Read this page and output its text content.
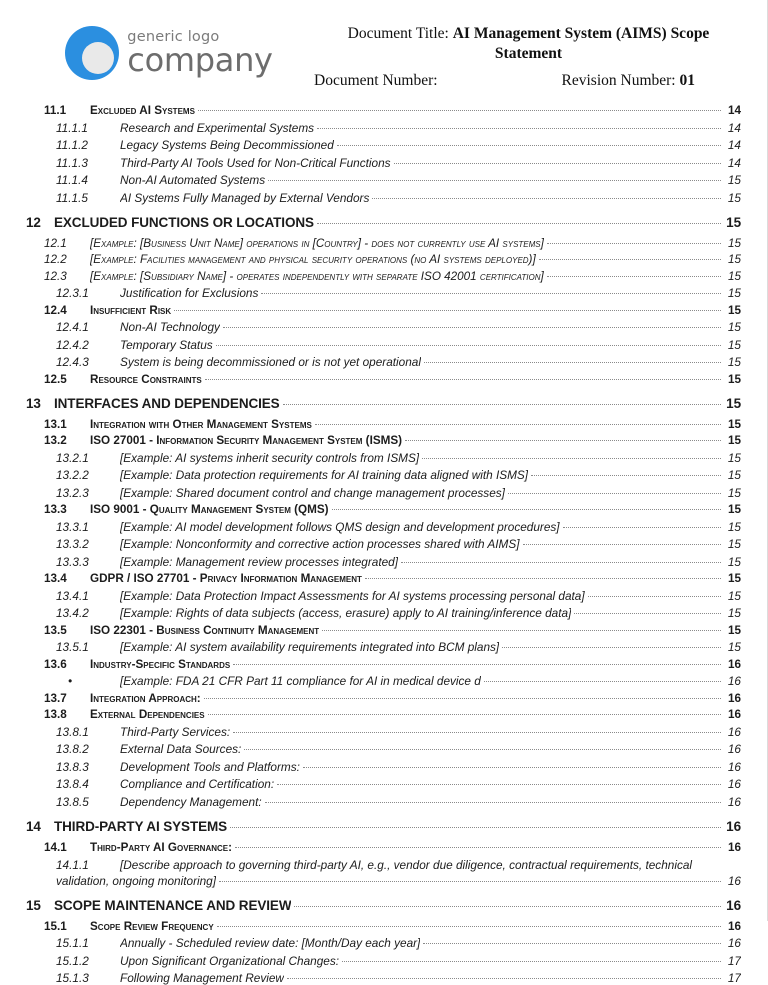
generic logo
company
Document Title: AI Management System (AIMS) Scope Statement
Document Number:	Revision Number: 01
11.1	Excluded AI Systems	14
11.1.1	Research and Experimental Systems	14
11.1.2	Legacy Systems Being Decommissioned	14
11.1.3	Third-Party AI Tools Used for Non-Critical Functions	14
11.1.4	Non-AI Automated Systems	15
11.1.5	AI Systems Fully Managed by External Vendors	15
12 EXCLUDED FUNCTIONS OR LOCATIONS	15
12.1	[Example: [Business Unit Name] operations in [Country] - does not currently use AI systems]	15
12.2	[Example: Facilities management and physical security operations (no AI systems deployed)]	15
12.3	[Example: [Subsidiary Name] - operates independently with separate ISO 42001 certification]	15
12.3.1	Justification for Exclusions	15
12.4	Insufficient Risk	15
12.4.1	Non-AI Technology	15
12.4.2	Temporary Status	15
12.4.3	System is being decommissioned or is not yet operational	15
12.5	Resource Constraints	15
13 INTERFACES AND DEPENDENCIES	15
13.1	Integration with Other Management Systems	15
13.2	ISO 27001 - Information Security Management System (ISMS)	15
13.2.1	[Example: AI systems inherit security controls from ISMS]	15
13.2.2	[Example: Data protection requirements for AI training data aligned with ISMS]	15
13.2.3	[Example: Shared document control and change management processes]	15
13.3	ISO 9001 - Quality Management System (QMS)	15
13.3.1	[Example: AI model development follows QMS design and development procedures]	15
13.3.2	[Example: Nonconformity and corrective action processes shared with AIMS]	15
13.3.3	[Example: Management review processes integrated]	15
13.4	GDPR / ISO 27701 - Privacy Information Management	15
13.4.1	[Example: Data Protection Impact Assessments for AI systems processing personal data]	15
13.4.2	[Example: Rights of data subjects (access, erasure) apply to AI training/inference data]	15
13.5	ISO 22301 - Business Continuity Management	15
13.5.1	[Example: AI system availability requirements integrated into BCM plans]	15
13.6	Industry-Specific Standards	16
•	[Example: FDA 21 CFR Part 11 compliance for AI in medical device d	16
13.7	Integration Approach:	16
13.8	External Dependencies	16
13.8.1	Third-Party Services:	16
13.8.2	External Data Sources:	16
13.8.3	Development Tools and Platforms:	16
13.8.4	Compliance and Certification:	16
13.8.5	Dependency Management:	16
14 THIRD-PARTY AI SYSTEMS	16
14.1	Third-Party AI Governance:	16
14.1.1	[Describe approach to governing third-party AI, e.g., vendor due diligence, contractual requirements, technical
validation, ongoing monitoring]	16
15 SCOPE MAINTENANCE AND REVIEW	16
15.1	Scope Review Frequency	16
15.1.1	Annually - Scheduled review date: [Month/Day each year]	16
15.1.2	Upon Significant Organizational Changes:	17
15.1.3	Following Management Review	17
